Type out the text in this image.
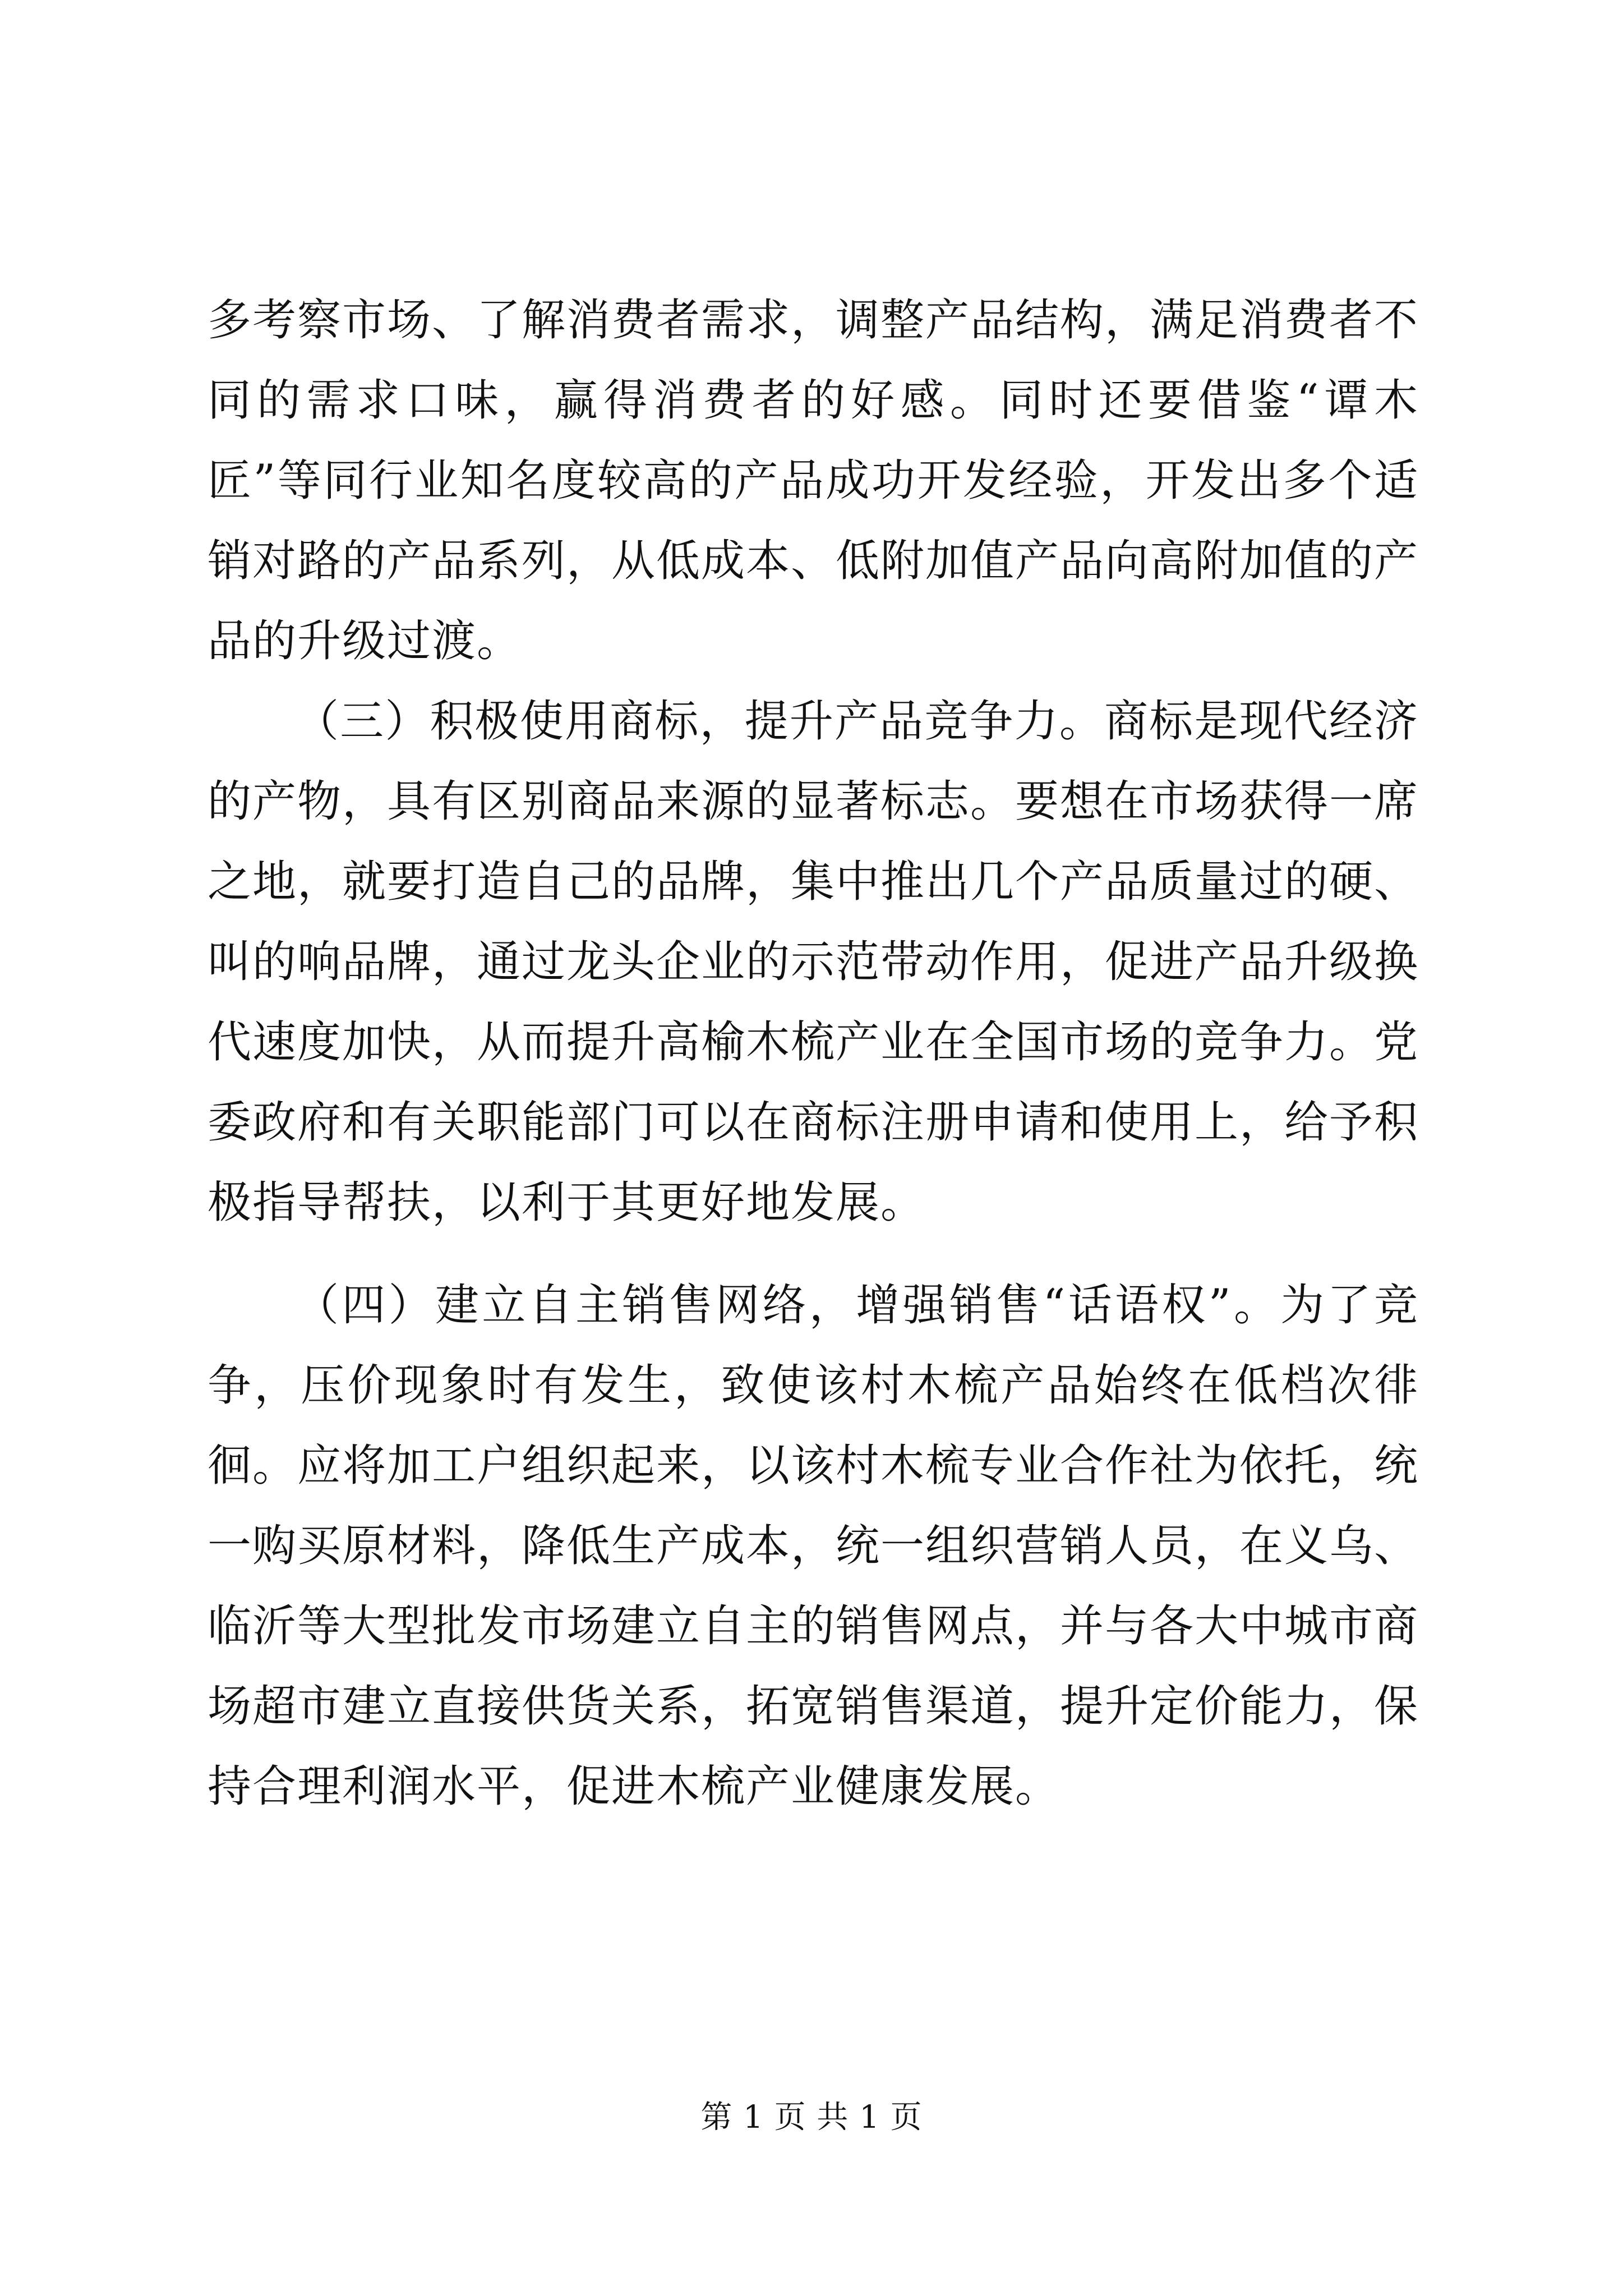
多考察市场、了解消费者需求，调整产品结构，满足消费者不同的需求口味，赢得消费者的好感。同时还要借鉴“谭木匠”等同行业知名度较高的产品成功开发经验，开发出多个适销对路的产品系列，从低成本、低附加值产品向高附加值的产品的升级过渡。

（三）积极使用商标，提升产品竞争力。商标是现代经济的产物，具有区别商品来源的显著标志。要想在市场获得一席之地，就要打造自己的品牌，集中推出几个产品质量过的硬、叫的响品牌，通过龙头企业的示范带动作用，促进产品升级换代速度加快，从而提升高榆木梳产业在全国市场的竞争力。党委政府和有关职能部门可以在商标注册申请和使用上，给予积极指导帮扶，以利于其更好地发展。

（四）建立自主销售网络，增强销售“话语权”。为了竞争，压价现象时有发生，致使该村木梳产品始终在低档次徘徊。应将加工户组织起来，以该村木梳专业合作社为依托，统一购买原材料，降低生产成本，统一组织营销人员，在义乌、临沂等大型批发市场建立自主的销售网点，并与各大中城市商场超市建立直接供货关系，拓宽销售渠道，提升定价能力，保持合理利润水平，促进木梳产业健康发展。

第 1 页 共 1 页
